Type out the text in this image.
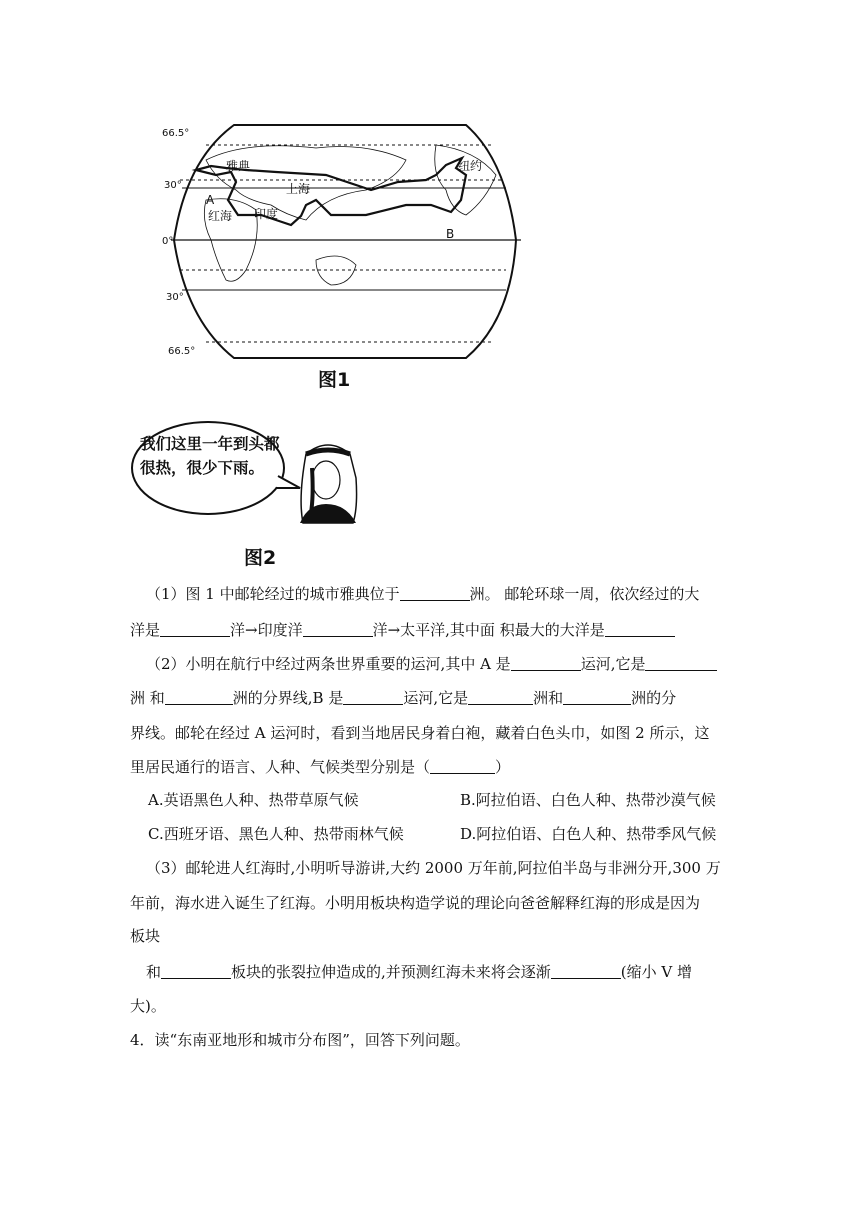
66.5°
30°
0°
30°
66.5°
雅典	纽约
上海
印度
红海
A
B
图1
我们这里一年到头都很热，很少下雨。
图2
（1）图 1 中邮轮经过的城市雅典位于	洲。 邮轮环球一周，依次经过的大
洋是	洋→印度洋	洋→太平洋,其中面 积最大的大洋是
（2）小明在航行中经过两条世界重要的运河,其中 A 是	运河,它是
洲 和	洲的分界线,B 是	运河,它是	洲和	洲的分
界线。邮轮在经过 A 运河时，看到当地居民身着白袍，藏着白色头巾，如图 2 所示，这
里居民通行的语言、人种、气候类型分别是（	）
A.英语黑色人种、热带草原气候	B.阿拉伯语、白色人种、热带沙漠气候
C.西班牙语、黑色人种、热带雨林气候	D.阿拉伯语、白色人种、热带季风气候
（3）邮轮进人红海时,小明听导游讲,大约 2000 万年前,阿拉伯半岛与非洲分开,300 万
年前，海水进入诞生了红海。小明用板块构造学说的理论向爸爸解释红海的形成是因为
板块
和	板块的张裂拉伸造成的,并预测红海未来将会逐渐	(缩小 V 增
大)。
4．读“东南亚地形和城市分布图”，回答下列问题。
